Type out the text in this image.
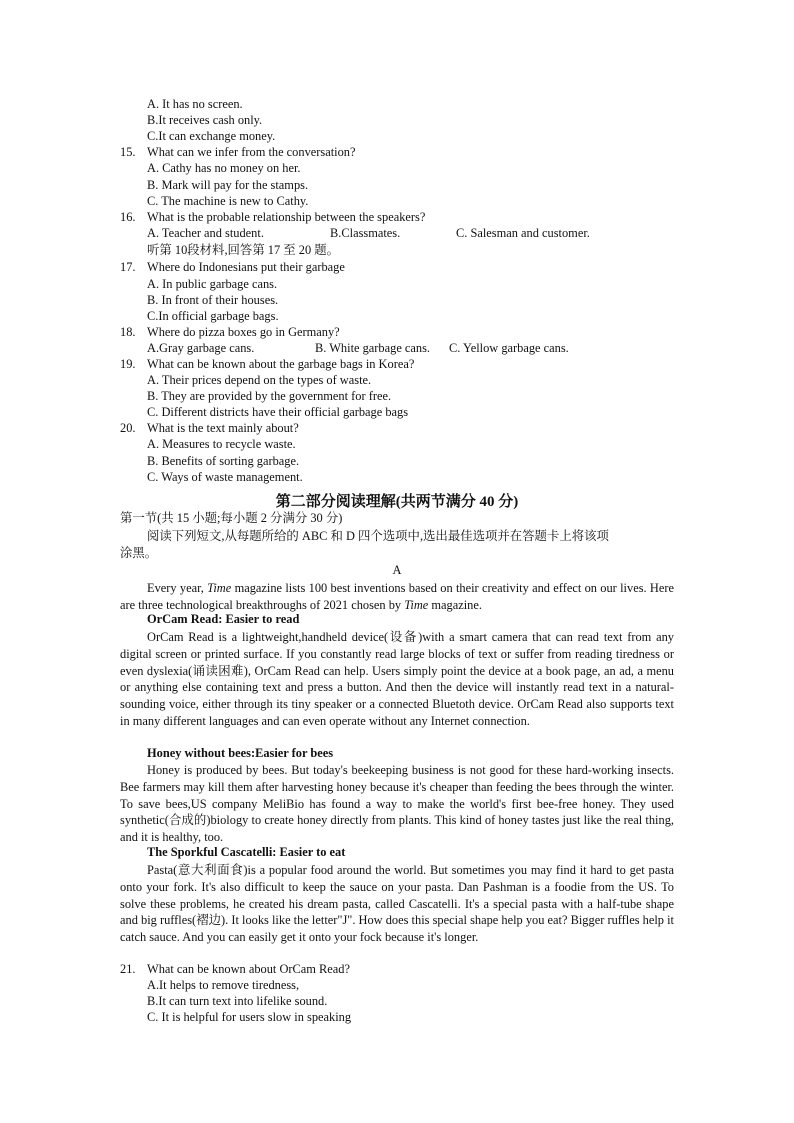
A. It has no screen.
B.It receives cash only.
C.It can exchange money.
15. What can we infer from the conversation?
A. Cathy has no money on her.
B. Mark will pay for the stamps.
C. The machine is new to Cathy.
16. What is the probable relationship between the speakers?
A. Teacher and student.	B.Classmates.	C. Salesman and customer.
听第 10段材料,回答第 17 至 20 题。
17. Where do Indonesians put their garbage
A. In public garbage cans.
B. In front of their houses.
C.In official garbage bags.
18. Where do pizza boxes go in Germany?
A.Gray garbage cans.	B. White garbage cans. C. Yellow garbage cans.
19. What can be known about the garbage bags in Korea?
A. Their prices depend on the types of waste.
B. They are provided by the government for free.
C. Different districts have their official garbage bags
20. What is the text mainly about?
A. Measures to recycle waste.
B. Benefits of sorting garbage.
C. Ways of waste management.
第二部分阅读理解(共两节满分 40 分)
第一节(共 15 小题;每小题 2 分满分 30 分)
阅读下列短文,从每题所给的 ABC 和 D 四个选项中,选出最佳选项并在答题卡上将该项
涂黑。
A
Every year, Time magazine lists 100 best inventions based on their creativity and effect on our lives. Here are three technological breakthroughs of 2021 chosen by Time magazine.
OrCam Read: Easier to read
OrCam Read is a lightweight,handheld device(设备)with a smart camera that can read text from any digital screen or printed surface. If you constantly read large blocks of text or suffer from reading tiredness or even dyslexia(诵读困难), OrCam Read can help. Users simply point the device at a book page, an ad, a menu or anything else containing text and press a button. And then the device will instantly read text in a natural-sounding voice, either through its tiny speaker or a connected Bluetoth device. OrCam Read also supports text in many different languages and can even operate without any Internet connection.
Honey without bees:Easier for bees
Honey is produced by bees. But today's beekeeping business is not good for these hard-working insects. Bee farmers may kill them after harvesting honey because it's cheaper than feeding the bees through the winter. To save bees,US company MeliBio has found a way to make the world's first bee-free honey. They used synthetic(合成的)biology to create honey directly from plants. This kind of honey tastes just like the real thing, and it is healthy, too.
The Sporkful Cascatelli: Easier to eat
Pasta(意大利面食)is a popular food around the world. But sometimes you may find it hard to get pasta onto your fork. It's also difficult to keep the sauce on your pasta. Dan Pashman is a foodie from the US. To solve these problems, he created his dream pasta, called Cascatelli. It's a special pasta with a half-tube shape and big ruffles(褶边). It looks like the letter"J". How does this special shape help you eat? Bigger ruffles help it catch sauce. And you can easily get it onto your fock because it's longer.
21. What can be known about OrCam Read?
A.It helps to remove tiredness,
B.It can turn text into lifelike sound.
C. It is helpful for users slow in speaking
